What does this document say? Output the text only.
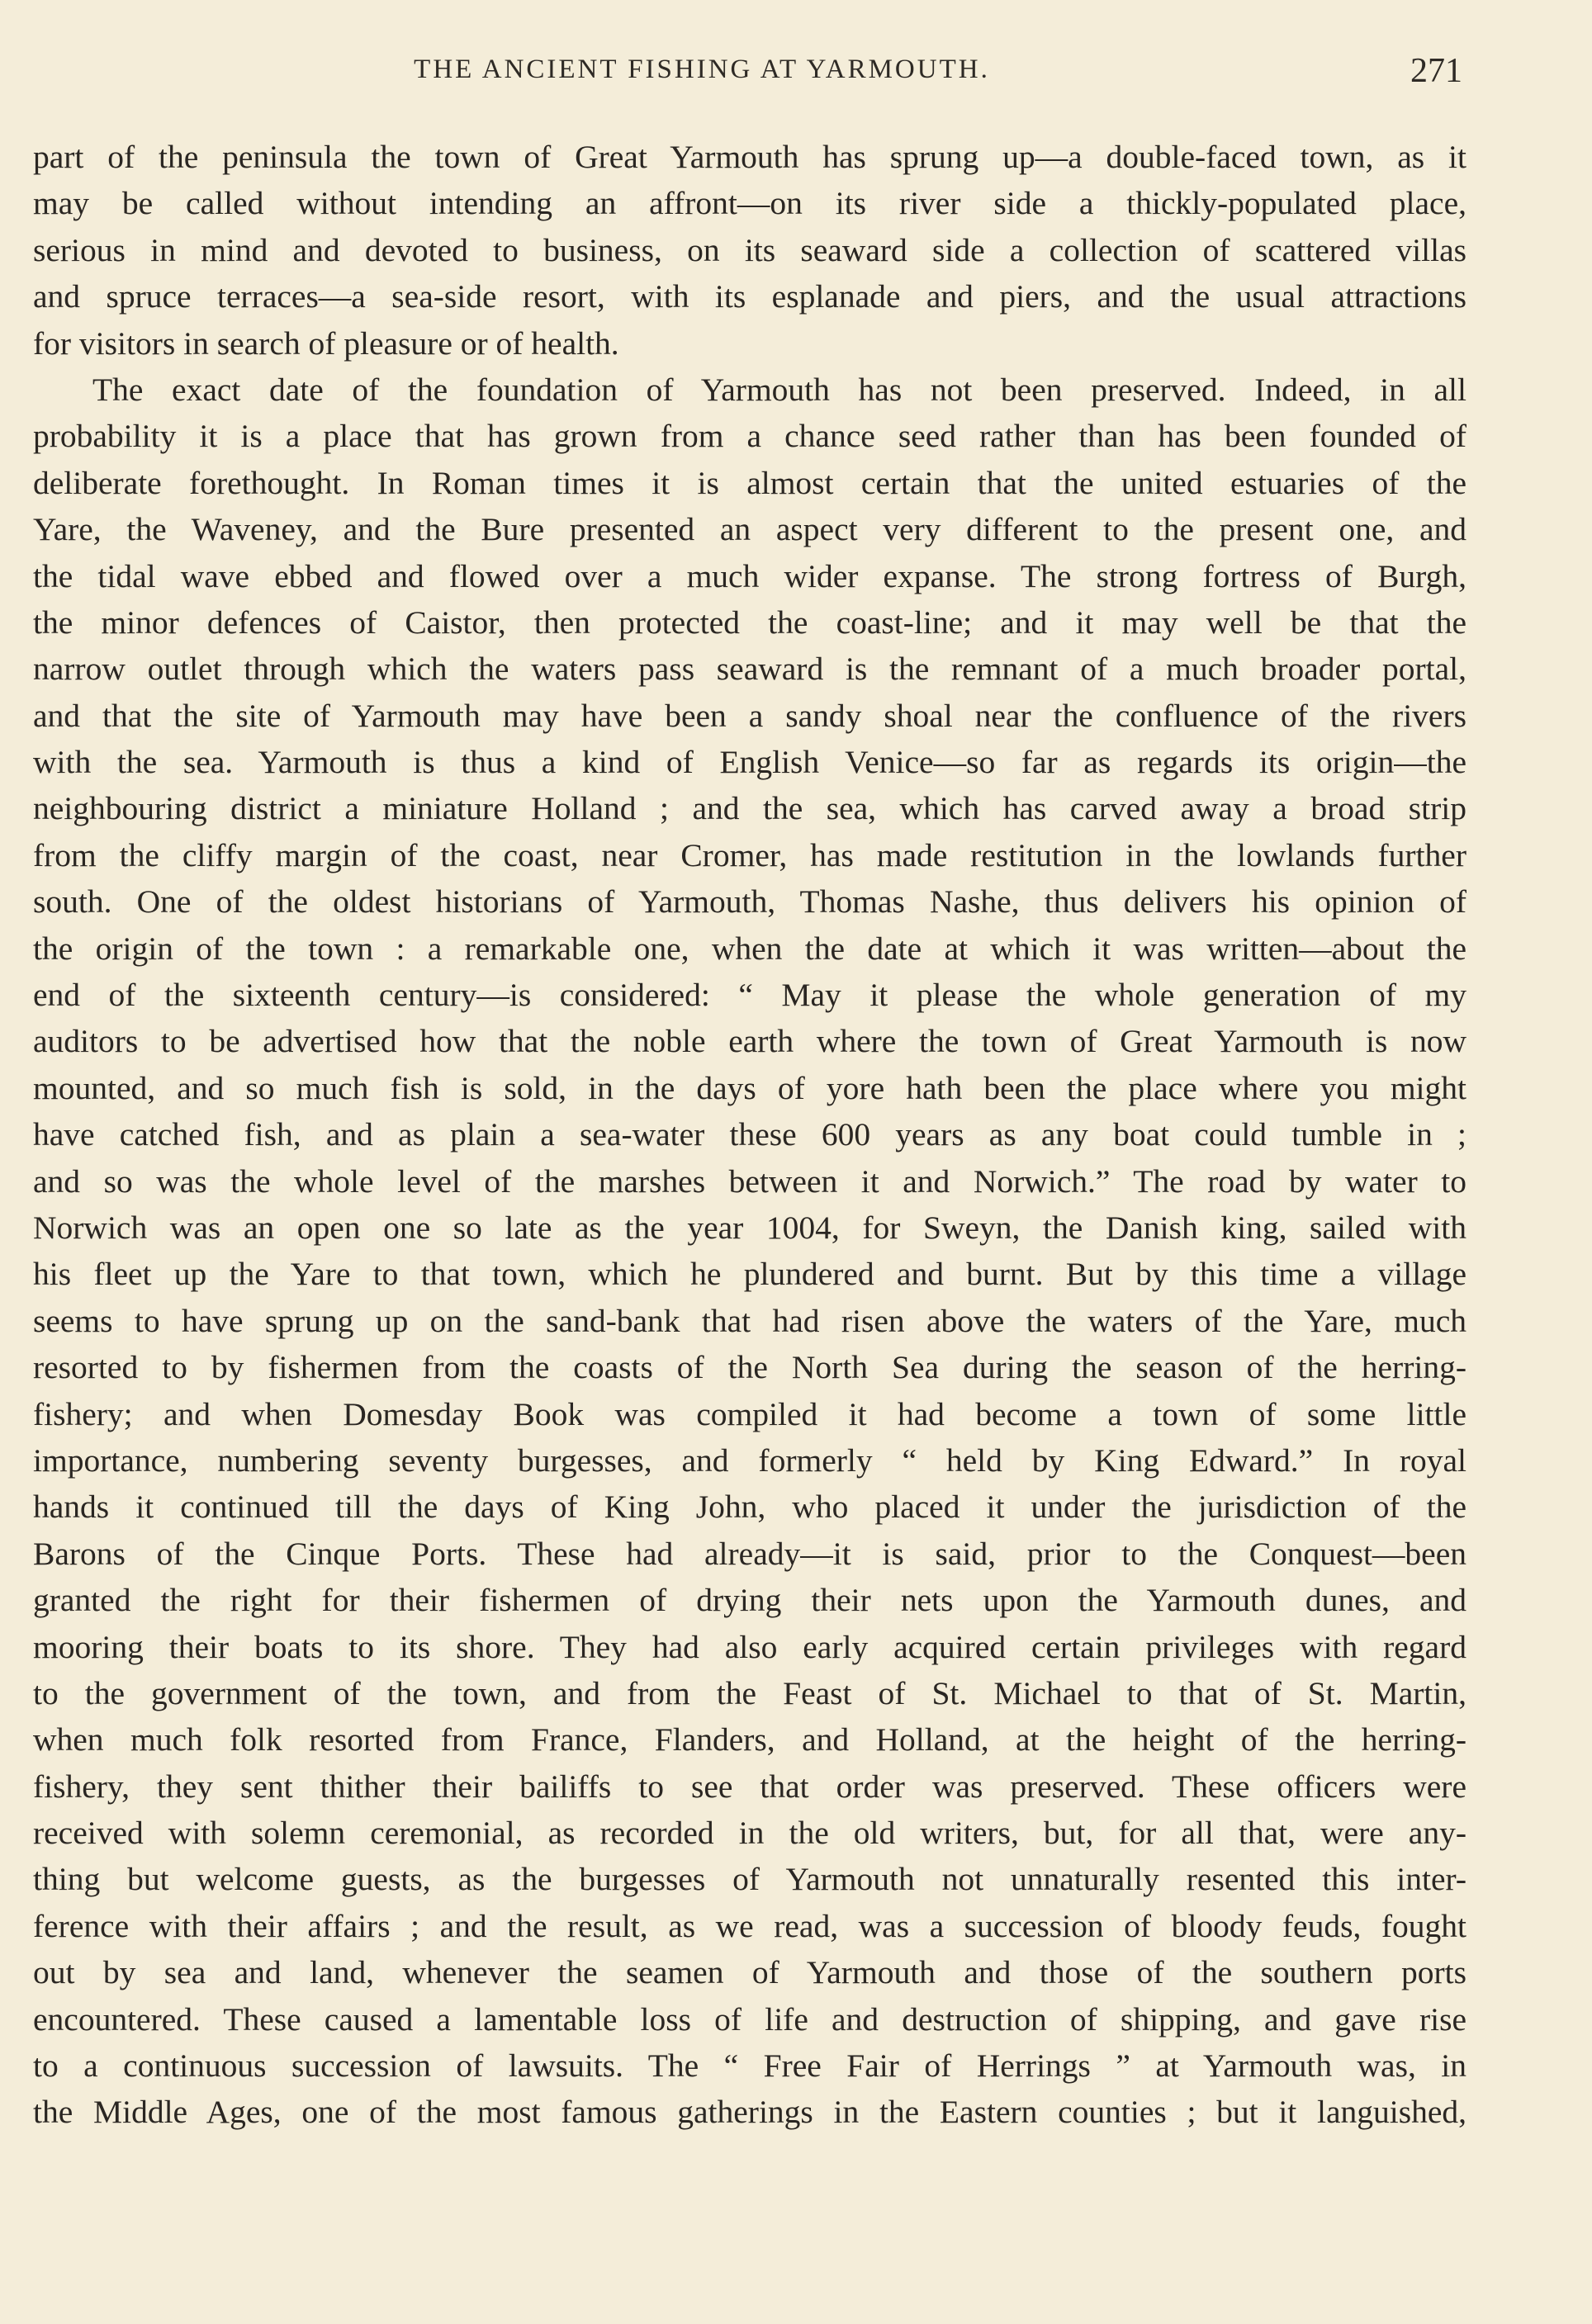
THE ANCIENT FISHING AT YARMOUTH.	271
part of the peninsula the town of Great Yarmouth has sprung up—a double-faced town, as it
may be called without intending an affront—on its river side a thickly-populated place,
serious in mind and devoted to business, on its seaward side a collection of scattered villas
and spruce terraces—a sea-side resort, with its esplanade and piers, and the usual attractions
for visitors in search of pleasure or of health.
The exact date of the foundation of Yarmouth has not been preserved. Indeed, in all
probability it is a place that has grown from a chance seed rather than has been founded of
deliberate forethought. In Roman times it is almost certain that the united estuaries of the
Yare, the Waveney, and the Bure presented an aspect very different to the present one, and
the tidal wave ebbed and flowed over a much wider expanse. The strong fortress of Burgh,
the minor defences of Caistor, then protected the coast-line; and it may well be that the
narrow outlet through which the waters pass seaward is the remnant of a much broader portal,
and that the site of Yarmouth may have been a sandy shoal near the confluence of the rivers
with the sea. Yarmouth is thus a kind of English Venice—so far as regards its origin—the
neighbouring district a miniature Holland ; and the sea, which has carved away a broad strip
from the cliffy margin of the coast, near Cromer, has made restitution in the lowlands further
south. One of the oldest historians of Yarmouth, Thomas Nashe, thus delivers his opinion of
the origin of the town : a remarkable one, when the date at which it was written—about the
end of the sixteenth century—is considered: “ May it please the whole generation of my
auditors to be advertised how that the noble earth where the town of Great Yarmouth is now
mounted, and so much fish is sold, in the days of yore hath been the place where you might
have catched fish, and as plain a sea-water these 600 years as any boat could tumble in ;
and so was the whole level of the marshes between it and Norwich.” The road by water to
Norwich was an open one so late as the year 1004, for Sweyn, the Danish king, sailed with
his fleet up the Yare to that town, which he plundered and burnt. But by this time a village
seems to have sprung up on the sand-bank that had risen above the waters of the Yare, much
resorted to by fishermen from the coasts of the North Sea during the season of the herring-
fishery; and when Domesday Book was compiled it had become a town of some little
importance, numbering seventy burgesses, and formerly “ held by King Edward.” In royal
hands it continued till the days of King John, who placed it under the jurisdiction of the
Barons of the Cinque Ports. These had already—it is said, prior to the Conquest—been
granted the right for their fishermen of drying their nets upon the Yarmouth dunes, and
mooring their boats to its shore. They had also early acquired certain privileges with regard
to the government of the town, and from the Feast of St. Michael to that of St. Martin,
when much folk resorted from France, Flanders, and Holland, at the height of the herring-
fishery, they sent thither their bailiffs to see that order was preserved. These officers were
received with solemn ceremonial, as recorded in the old writers, but, for all that, were any-
thing but welcome guests, as the burgesses of Yarmouth not unnaturally resented this inter-
ference with their affairs ; and the result, as we read, was a succession of bloody feuds, fought
out by sea and land, whenever the seamen of Yarmouth and those of the southern ports
encountered. These caused a lamentable loss of life and destruction of shipping, and gave rise
to a continuous succession of lawsuits. The “ Free Fair of Herrings ” at Yarmouth was, in
the Middle Ages, one of the most famous gatherings in the Eastern counties ; but it languished,
